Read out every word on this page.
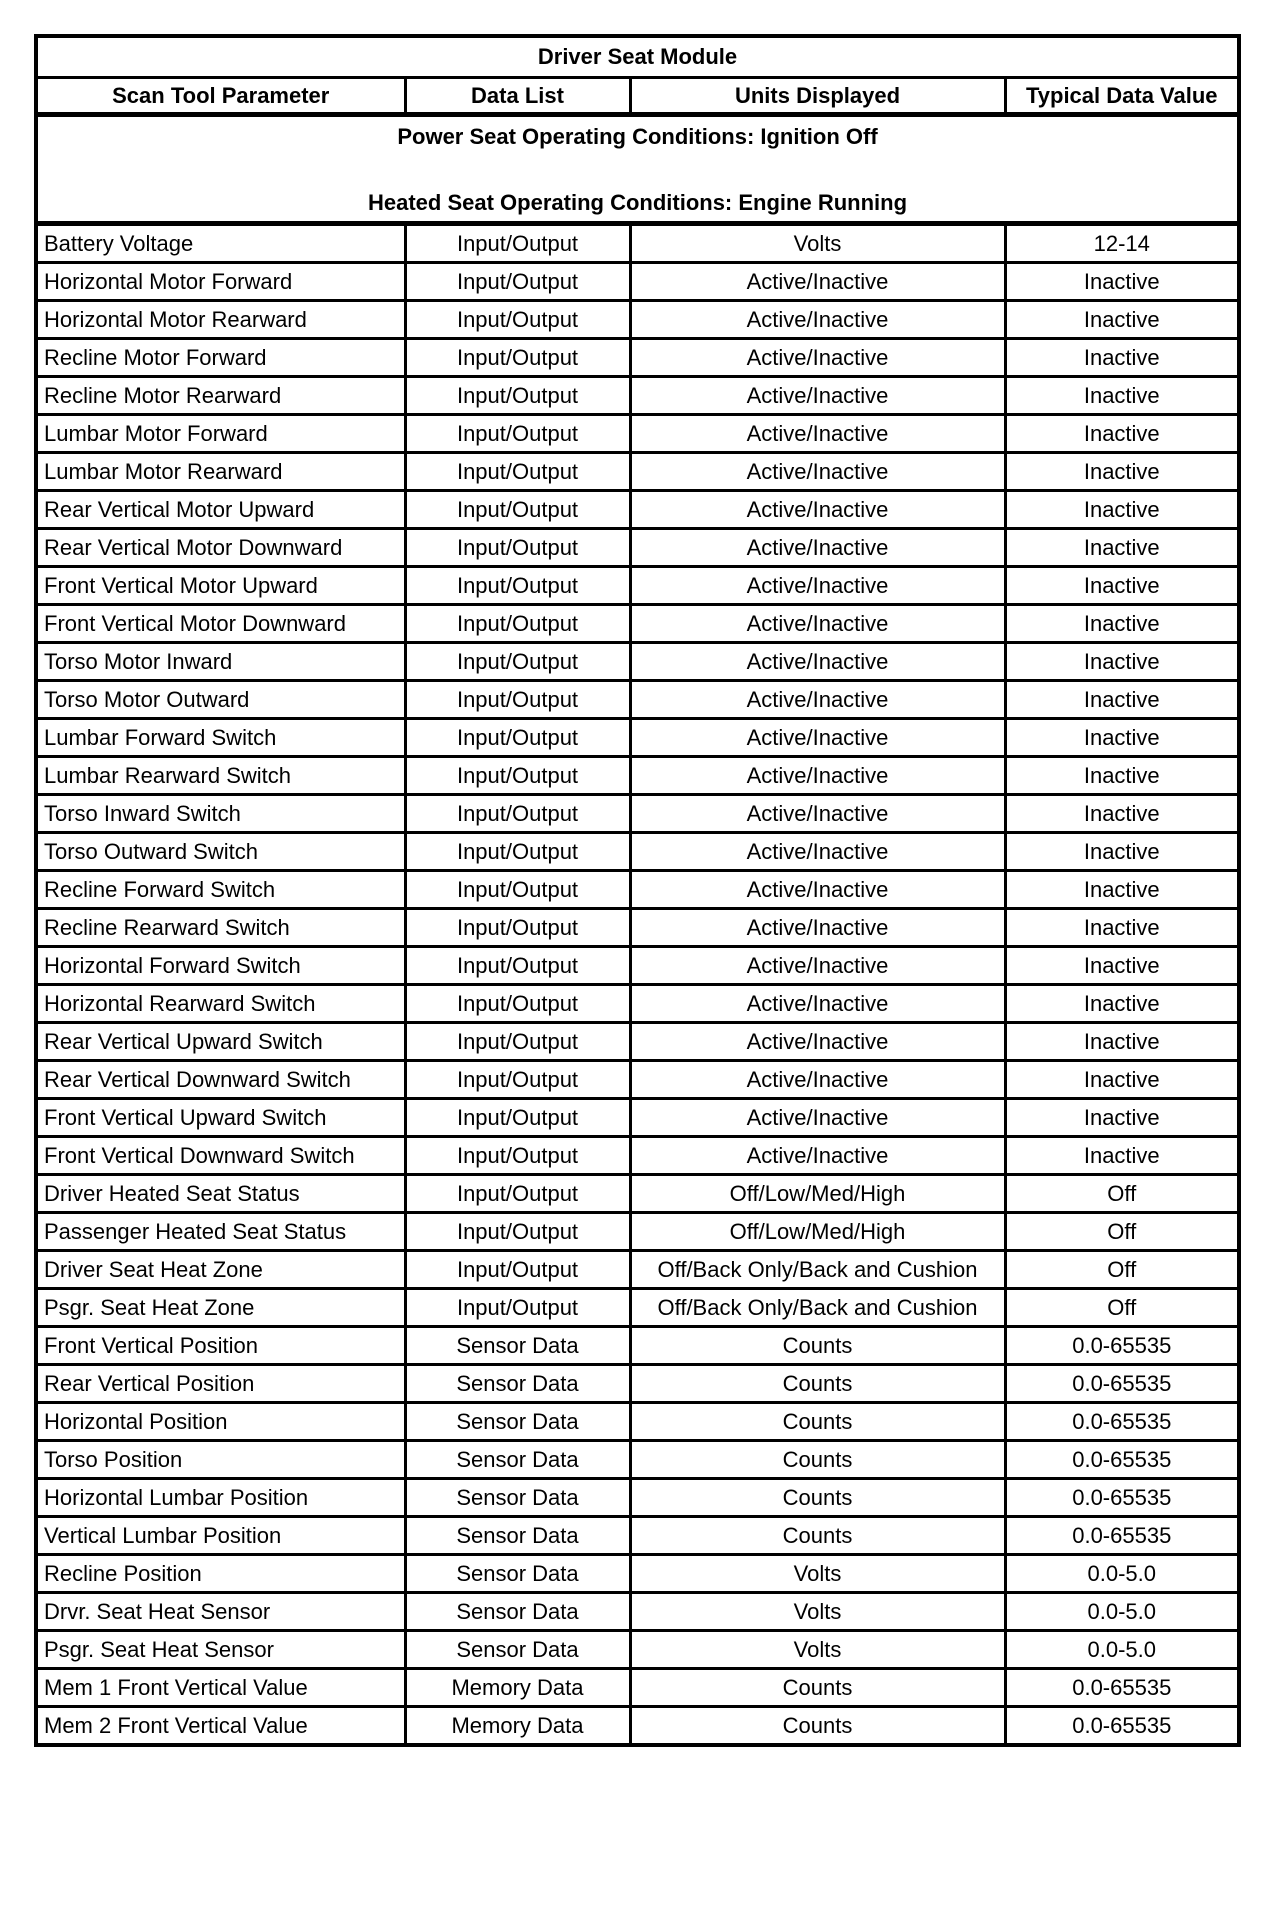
Driver Seat Module			
Scan Tool Parameter	Data List	Units Displayed	Typical Data Value

Power Seat Operating Conditions: Ignition Off
Heated Seat Operating Conditions: Engine Running			

Battery Voltage	Input/Output	Volts	12-14
Horizontal Motor Forward	Input/Output	Active/Inactive	Inactive
Horizontal Motor Rearward	Input/Output	Active/Inactive	Inactive
Recline Motor Forward	Input/Output	Active/Inactive	Inactive
Recline Motor Rearward	Input/Output	Active/Inactive	Inactive
Lumbar Motor Forward	Input/Output	Active/Inactive	Inactive
Lumbar Motor Rearward	Input/Output	Active/Inactive	Inactive
Rear Vertical Motor Upward	Input/Output	Active/Inactive	Inactive
Rear Vertical Motor Downward	Input/Output	Active/Inactive	Inactive
Front Vertical Motor Upward	Input/Output	Active/Inactive	Inactive
Front Vertical Motor Downward	Input/Output	Active/Inactive	Inactive
Torso Motor Inward	Input/Output	Active/Inactive	Inactive
Torso Motor Outward	Input/Output	Active/Inactive	Inactive
Lumbar Forward Switch	Input/Output	Active/Inactive	Inactive
Lumbar Rearward Switch	Input/Output	Active/Inactive	Inactive
Torso Inward Switch	Input/Output	Active/Inactive	Inactive
Torso Outward Switch	Input/Output	Active/Inactive	Inactive
Recline Forward Switch	Input/Output	Active/Inactive	Inactive
Recline Rearward Switch	Input/Output	Active/Inactive	Inactive
Horizontal Forward Switch	Input/Output	Active/Inactive	Inactive
Horizontal Rearward Switch	Input/Output	Active/Inactive	Inactive
Rear Vertical Upward Switch	Input/Output	Active/Inactive	Inactive
Rear Vertical Downward Switch	Input/Output	Active/Inactive	Inactive
Front Vertical Upward Switch	Input/Output	Active/Inactive	Inactive
Front Vertical Downward Switch	Input/Output	Active/Inactive	Inactive
Driver Heated Seat Status	Input/Output	Off/Low/Med/High	Off
Passenger Heated Seat Status	Input/Output	Off/Low/Med/High	Off
Driver Seat Heat Zone	Input/Output	Off/Back Only/Back and Cushion	Off
Psgr. Seat Heat Zone	Input/Output	Off/Back Only/Back and Cushion	Off
Front Vertical Position	Sensor Data	Counts	0.0-65535
Rear Vertical Position	Sensor Data	Counts	0.0-65535
Horizontal Position	Sensor Data	Counts	0.0-65535
Torso Position	Sensor Data	Counts	0.0-65535
Horizontal Lumbar Position	Sensor Data	Counts	0.0-65535
Vertical Lumbar Position	Sensor Data	Counts	0.0-65535
Recline Position	Sensor Data	Volts	0.0-5.0
Drvr. Seat Heat Sensor	Sensor Data	Volts	0.0-5.0
Psgr. Seat Heat Sensor	Sensor Data	Volts	0.0-5.0
Mem 1 Front Vertical Value	Memory Data	Counts	0.0-65535
Mem 2 Front Vertical Value	Memory Data	Counts	0.0-65535
